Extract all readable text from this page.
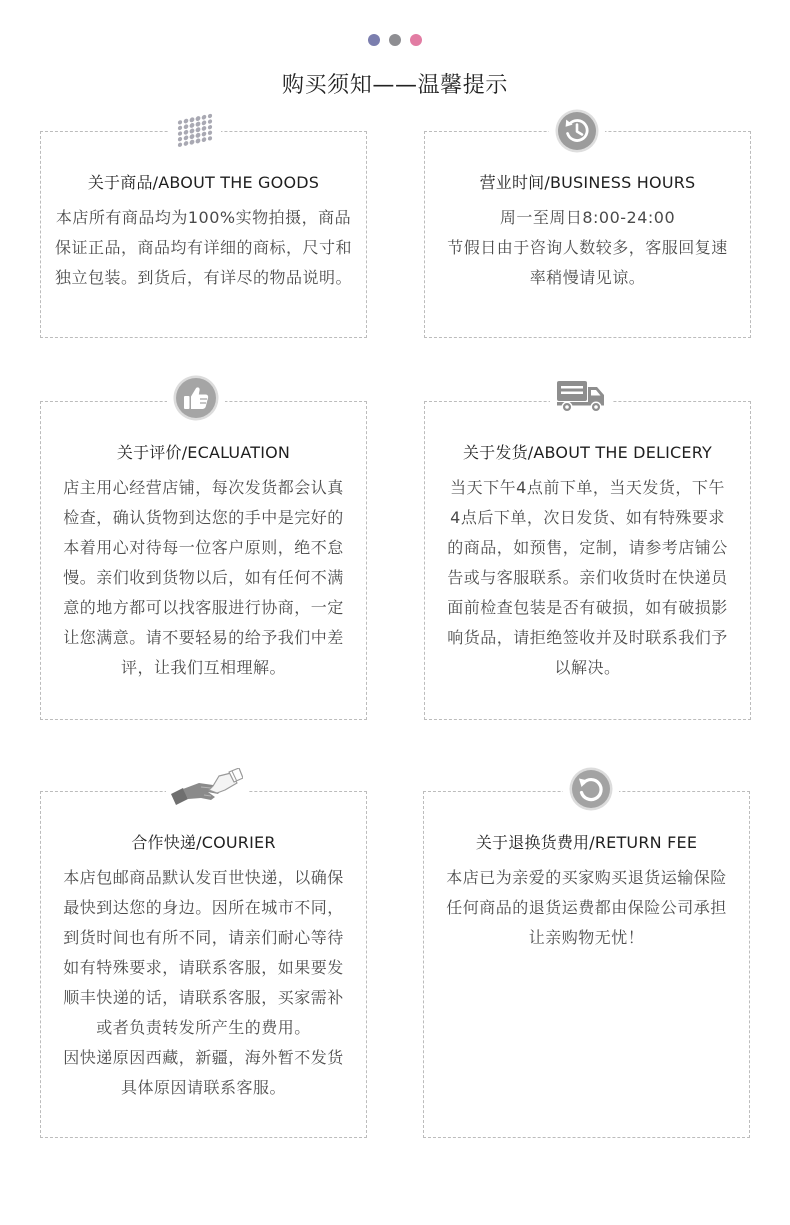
购买须知——温馨提示
关于商品/ABOUT THE GOODS
本店所有商品均为100%实物拍摄，商品
保证正品，商品均有详细的商标，尺寸和
独立包装。到货后，有详尽的物品说明。
营业时间/BUSINESS HOURS
周一至周日8:00-24:00
节假日由于咨询人数较多，客服回复速
率稍慢请见谅。
关于评价/ECALUATION
店主用心经营店铺，每次发货都会认真
检查，确认货物到达您的手中是完好的
本着用心对待每一位客户原则，绝不怠
慢。亲们收到货物以后，如有任何不满
意的地方都可以找客服进行协商，一定
让您满意。请不要轻易的给予我们中差
评，让我们互相理解。
关于发货/ABOUT THE DELICERY
当天下午4点前下单，当天发货，下午
4点后下单，次日发货、如有特殊要求
的商品，如预售，定制，请参考店铺公
告或与客服联系。亲们收货时在快递员
面前检查包装是否有破损，如有破损影
响货品，请拒绝签收并及时联系我们予
以解决。
合作快递/COURIER
本店包邮商品默认发百世快递，以确保
最快到达您的身边。因所在城市不同，
到货时间也有所不同，请亲们耐心等待
如有特殊要求，请联系客服，如果要发
顺丰快递的话，请联系客服，买家需补
或者负责转发所产生的费用。
因快递原因西藏，新疆，海外暂不发货
具体原因请联系客服。
关于退换货费用/RETURN FEE
本店已为亲爱的买家购买退货运输保险
任何商品的退货运费都由保险公司承担
让亲购物无忧！
